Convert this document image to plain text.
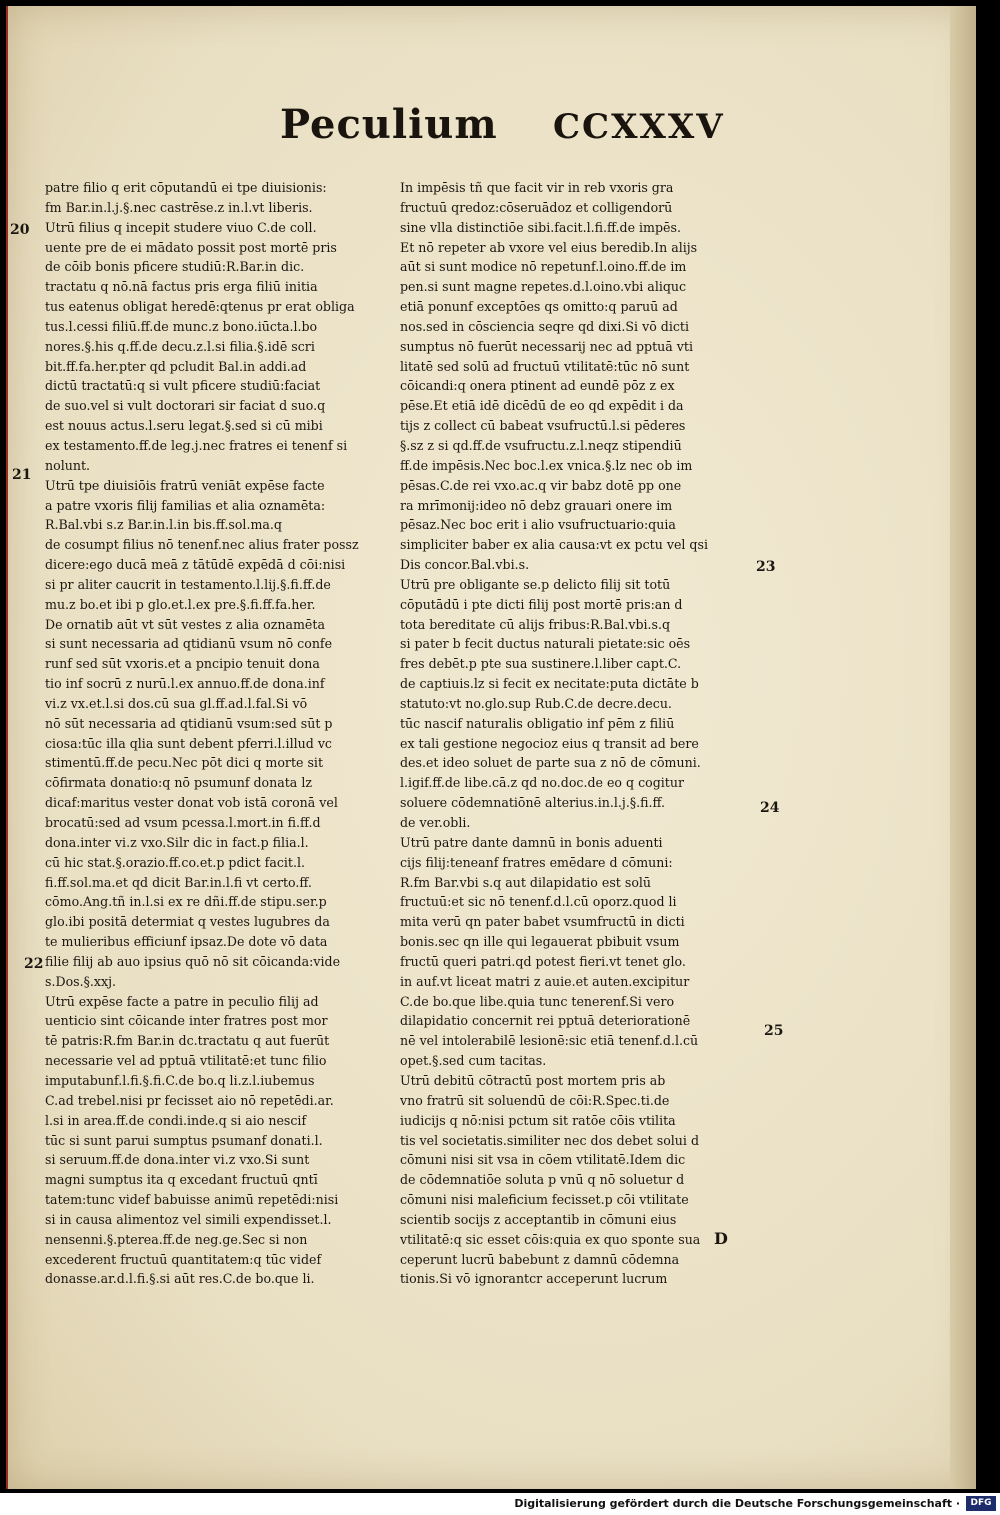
Peculium CCXXXV
patre filio q erit cōputandū ei tpe diuisionis:
fm Bar.in.l.j.§.nec castrēse.z in.l.vt liberis.
Utrū filius q incepit studere viuo C.de coll.
uente pre de ei mādato possit post mortē pris
de cōib bonis pficere studiū:R.Bar.in dic.
tractatu q nō.nā factus pris erga filiū initia
tus eatenus obligat heredē:qtenus pr erat obliga
tus.l.cessi filiū.ff.de munc.z bono.iūcta.l.bo
nores.§.his q.ff.de decu.z.l.si filia.§.idē scri
bit.ff.fa.her.pter qd pcludit Bal.in addi.ad
dictū tractatū:q si vult pficere studiū:faciat
de suo.vel si vult doctorari sir faciat d suo.q
est nouus actus.l.seru legat.§.sed si cū mibi
ex testamento.ff.de leg.j.nec fratres ei tenenf si
nolunt.
Utrū tpe diuisiōis fratrū veniāt expēse facte
a patre vxoris filij familias et alia oznamēta:
R.Bal.vbi s.z Bar.in.l.in bis.ff.sol.ma.q
de cosumpt filius nō tenenf.nec alius frater possz
dicere:ego ducā meā z tātūdē expēdā d cōi:nisi
si pr aliter caucrit in testamento.l.lij.§.fi.ff.de
mu.z bo.et ibi p glo.et.l.ex pre.§.fi.ff.fa.her.
De ornatib aūt vt sūt vestes z alia oznamēta
si sunt necessaria ad qtidianū vsum nō confe
runf sed sūt vxoris.et a pncipio tenuit dona
tio inf socrū z nurū.l.ex annuo.ff.de dona.inf
vi.z vx.et.l.si dos.cū sua gl.ff.ad.l.fal.Si vō
nō sūt necessaria ad qtidianū vsum:sed sūt p
ciosa:tūc illa qlia sunt debent pferri.l.illud vc
stimentū.ff.de pecu.Nec pōt dici q morte sit
cōfirmata donatio:q nō psumunf donata lz
dicaf:maritus vester donat vob istā coronā vel
brocatū:sed ad vsum pcessa.l.mort.in fi.ff.d
dona.inter vi.z vxo.Silr dic in fact.p filia.l.
cū hic stat.§.orazio.ff.co.et.p pdict facit.l.
fi.ff.sol.ma.et qd dicit Bar.in.l.fi vt certo.ff.
cōmo.Ang.tñ in.l.si ex re dñi.ff.de stipu.ser.p
glo.ibi positā determiat q vestes lugubres da
te mulieribus efficiunf ipsaz.De dote vō data
filie filij ab auo ipsius quō nō sit cōicanda:vide
s.Dos.§.xxj.
Utrū expēse facte a patre in peculio filij ad
uenticio sint cōicande inter fratres post mor
tē patris:R.fm Bar.in dc.tractatu q aut fuerūt
necessarie vel ad pptuā vtilitatē:et tunc filio
imputabunf.l.fi.§.fi.C.de bo.q li.z.l.iubemus
C.ad trebel.nisi pr fecisset aio nō repetēdi.ar.
l.si in area.ff.de condi.inde.q si aio nescif
tūc si sunt parui sumptus psumanf donati.l.
si seruum.ff.de dona.inter vi.z vxo.Si sunt
magni sumptus ita q excedant fructuū qntī
tatem:tunc videf babuisse animū repetēdi:nisi
si in causa alimentoz vel simili expendisset.l.
nensenni.§.pterea.ff.de neg.ge.Sec si non
excederent fructuū quantitatem:q tūc videf
donasse.ar.d.l.fi.§.si aūt res.C.de bo.que li.
In impēsis tñ que facit vir in reb vxoris gra
fructuū qredoz:cōseruādoz et colligendorū
sine vlla distinctiōe sibi.facit.l.fi.ff.de impēs.
Et nō repeter ab vxore vel eius beredib.In alijs
aūt si sunt modice nō repetunf.l.oino.ff.de im
pen.si sunt magne repetes.d.l.oino.vbi aliquc
etiā ponunf exceptōes qs omitto:q paruū ad
nos.sed in cōsciencia seqre qd dixi.Si vō dicti
sumptus nō fuerūt necessarij nec ad pptuā vti
litatē sed solū ad fructuū vtilitatē:tūc nō sunt
cōicandi:q onera ptinent ad eundē pōz z ex
pēse.Et etiā idē dicēdū de eo qd expēdit i da
tijs z collect cū babeat vsufructū.l.si pēderes
§.sz z si qd.ff.de vsufructu.z.l.neqz stipendiū
ff.de impēsis.Nec boc.l.ex vnica.§.lz nec ob im
pēsas.C.de rei vxo.ac.q vir babz dotē pp one
ra mrīmonij:ideo nō debz grauari onere im
pēsaz.Nec boc erit i alio vsufructuario:quia
simpliciter baber ex alia causa:vt ex pctu vel qsi
Dis concor.Bal.vbi.s.
Utrū pre obligante se.p delicto filij sit totū
cōputādū i pte dicti filij post mortē pris:an d
tota bereditate cū alijs fribus:R.Bal.vbi.s.q
si pater b fecit ductus naturali pietate:sic oēs
fres debēt.p pte sua sustinere.l.liber capt.C.
de captiuis.lz si fecit ex necitate:puta dictāte b
statuto:vt no.glo.sup Rub.C.de decre.decu.
tūc nascif naturalis obligatio inf pēm z filiū
ex tali gestione negocioz eius q transit ad bere
des.et ideo soluet de parte sua z nō de cōmuni.
l.igif.ff.de libe.cā.z qd no.doc.de eo q cogitur
soluere cōdemnatiōnē alterius.in.l.j.§.fi.ff.
de ver.obli.
Utrū patre dante damnū in bonis aduenti
cijs filij:teneanf fratres emēdare d cōmuni:
R.fm Bar.vbi s.q aut dilapidatio est solū
fructuū:et sic nō tenenf.d.l.cū oporz.quod li
mita verū qn pater babet vsumfructū in dicti
bonis.sec qn ille qui legauerat pbibuit vsum
fructū queri patri.qd potest fieri.vt tenet glo.
in auf.vt liceat matri z auie.et auten.excipitur
C.de bo.que libe.quia tunc tenerenf.Si vero
dilapidatio concernit rei pptuā deteriorationē
nē vel intolerabilē lesionē:sic etiā tenenf.d.l.cū
opet.§.sed cum tacitas.
Utrū debitū cōtractū post mortem pris ab
vno fratrū sit soluendū de cōi:R.Spec.ti.de
iudicijs q nō:nisi pctum sit ratōe cōis vtilita
tis vel societatis.similiter nec dos debet solui d
cōmuni nisi sit vsa in cōem vtilitatē.Idem dic
de cōdemnatiōe soluta p vnū q nō soluetur d
cōmuni nisi maleficium fecisset.p cōi vtilitate
scientib socijs z acceptantib in cōmuni eius
vtilitatē:q sic esset cōis:quia ex quo sponte sua
ceperunt lucrū babebunt z damnū cōdemna
tionis.Si vō ignorantcr acceperunt lucrum
20
21
22
23
24
25
D
Digitalisierung gefördert durch die Deutsche Forschungsgemeinschaft ·	DFG
